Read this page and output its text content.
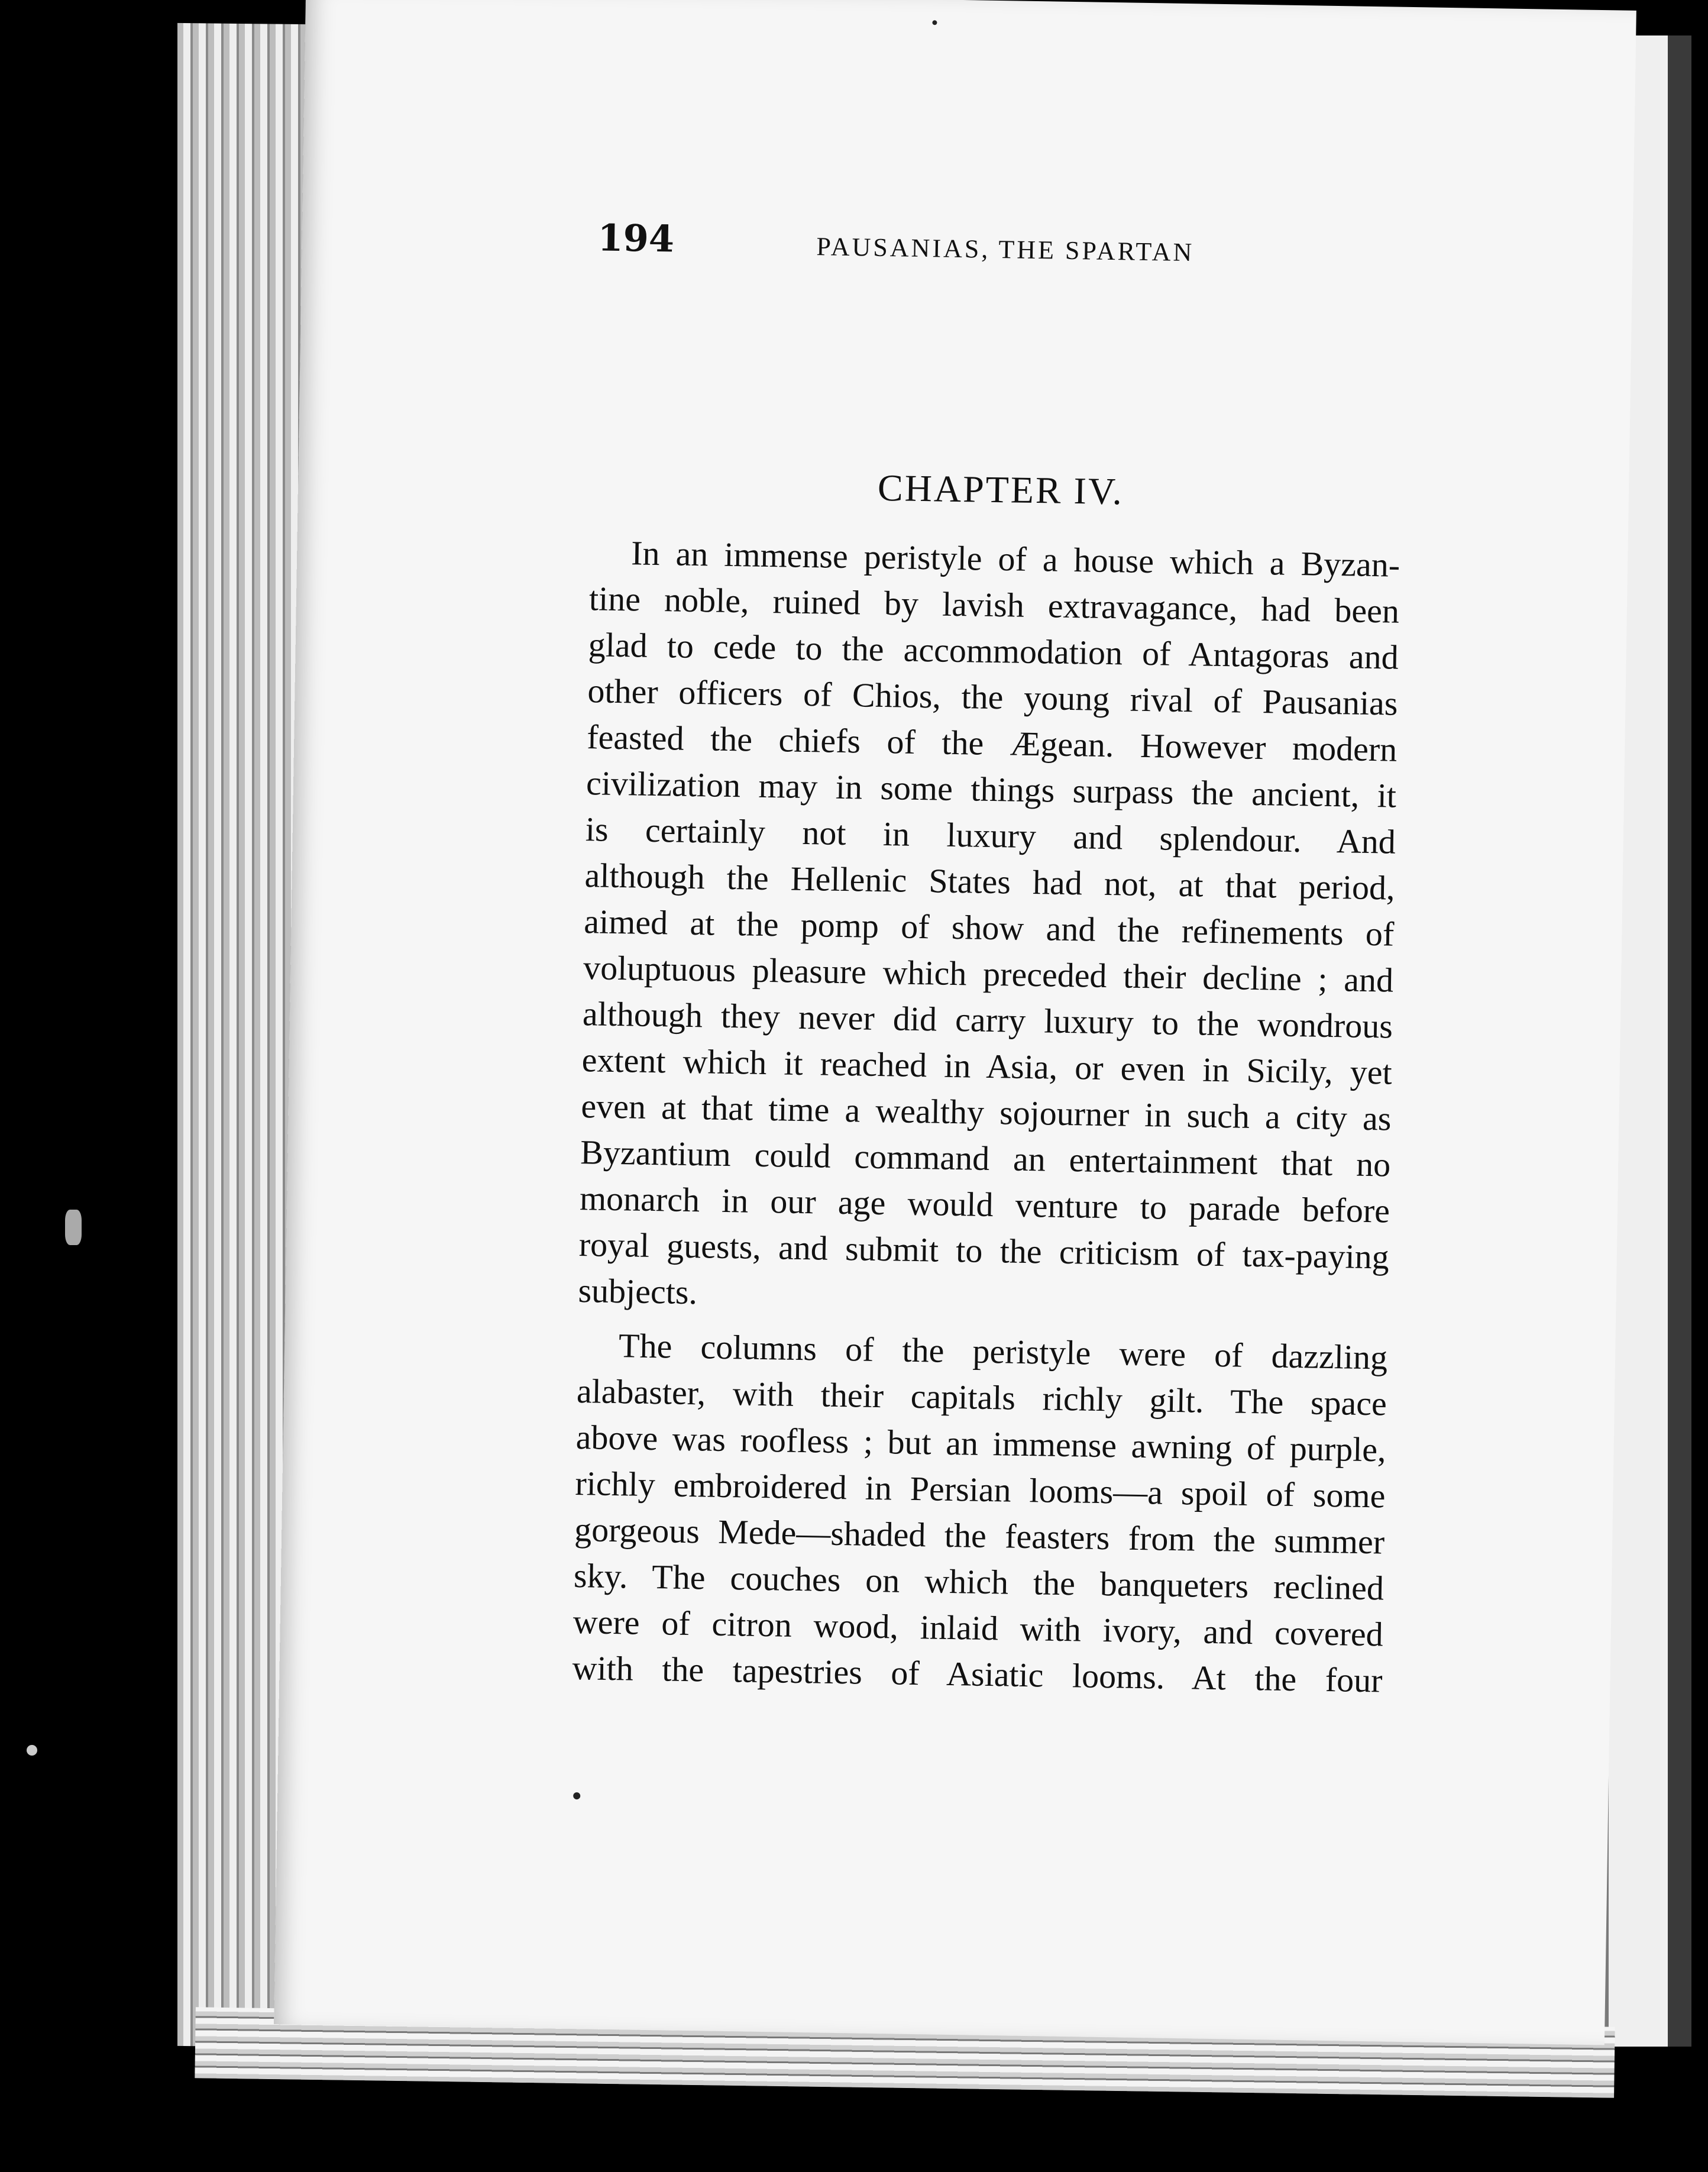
194	PAUSANIAS, THE SPARTAN
CHAPTER IV.
In an immense peristyle of a house which a Byzan-
tine noble, ruined by lavish extravagance, had been
glad to cede to the accommodation of Antagoras and
other officers of Chios, the young rival of Pausanias
feasted the chiefs of the Ægean. However modern
civilization may in some things surpass the ancient, it
is certainly not in luxury and splendour. And
although the Hellenic States had not, at that period,
aimed at the pomp of show and the refinements of
voluptuous pleasure which preceded their decline ; and
although they never did carry luxury to the wondrous
extent which it reached in Asia, or even in Sicily, yet
even at that time a wealthy sojourner in such a city as
Byzantium could command an entertainment that no
monarch in our age would venture to parade before
royal guests, and submit to the criticism of tax-paying
subjects.
The columns of the peristyle were of dazzling
alabaster, with their capitals richly gilt. The space
above was roofless ; but an immense awning of purple,
richly embroidered in Persian looms—a spoil of some
gorgeous Mede—shaded the feasters from the summer
sky. The couches on which the banqueters reclined
were of citron wood, inlaid with ivory, and covered
with the tapestries of Asiatic looms. At the four
